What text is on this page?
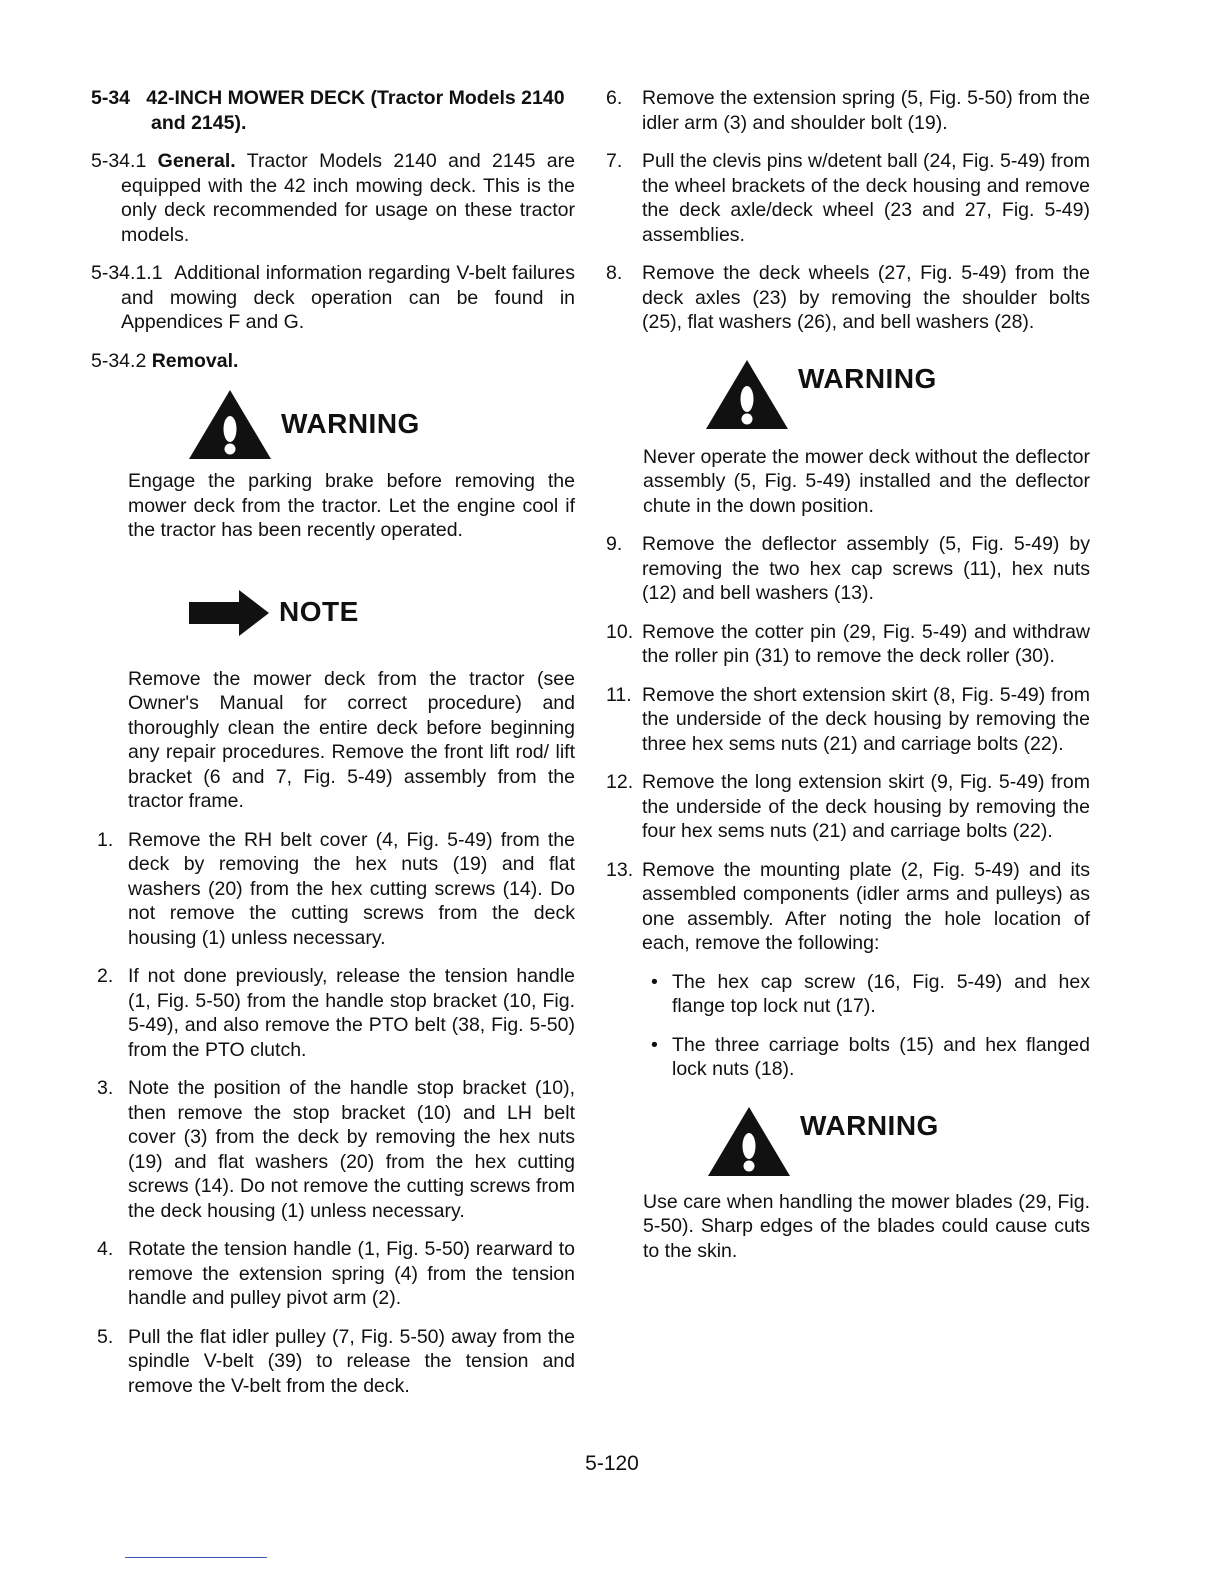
5-34 42-INCH MOWER DECK (Tractor Models 2140 and 2145).

5-34.1 General. Tractor Models 2140 and 2145 are equipped with the 42 inch mowing deck. This is the only deck recommended for usage on these tractor models.

5-34.1.1 Additional information regarding V-belt failures and mowing deck operation can be found in Appendices F and G.

5-34.2 Removal.

WARNING

Engage the parking brake before removing the mower deck from the tractor. Let the engine cool if the tractor has been recently operated.

NOTE

Remove the mower deck from the tractor (see Owner's Manual for correct procedure) and thoroughly clean the entire deck before beginning any repair procedures. Remove the front lift rod/ lift bracket (6 and 7, Fig. 5-49) assembly from the tractor frame.

1. Remove the RH belt cover (4, Fig. 5-49) from the deck by removing the hex nuts (19) and flat washers (20) from the hex cutting screws (14). Do not remove the cutting screws from the deck housing (1) unless necessary.
2. If not done previously, release the tension handle (1, Fig. 5-50) from the handle stop bracket (10, Fig. 5-49), and also remove the PTO belt (38, Fig. 5-50) from the PTO clutch.
3. Note the position of the handle stop bracket (10), then remove the stop bracket (10) and LH belt cover (3) from the deck by removing the hex nuts (19) and flat washers (20) from the hex cutting screws (14). Do not remove the cutting screws from the deck housing (1) unless necessary.
4. Rotate the tension handle (1, Fig. 5-50) rearward to remove the extension spring (4) from the tension handle and pulley pivot arm (2).
5. Pull the flat idler pulley (7, Fig. 5-50) away from the spindle V-belt (39) to release the tension and remove the V-belt from the deck.
6. Remove the extension spring (5, Fig. 5-50) from the idler arm (3) and shoulder bolt (19).
7. Pull the clevis pins w/detent ball (24, Fig. 5-49) from the wheel brackets of the deck housing and remove the deck axle/deck wheel (23 and 27, Fig. 5-49) assemblies.
8. Remove the deck wheels (27, Fig. 5-49) from the deck axles (23) by removing the shoulder bolts (25), flat washers (26), and bell washers (28).
WARNING

Never operate the mower deck without the deflector assembly (5, Fig. 5-49) installed and the deflector chute in the down position.

9. Remove the deflector assembly (5, Fig. 5-49) by removing the two hex cap screws (11), hex nuts (12) and bell washers (13).
10. Remove the cotter pin (29, Fig. 5-49) and withdraw the roller pin (31) to remove the deck roller (30).
11. Remove the short extension skirt (8, Fig. 5-49) from the underside of the deck housing by removing the three hex sems nuts (21) and carriage bolts (22).
12. Remove the long extension skirt (9, Fig. 5-49) from the underside of the deck housing by removing the four hex sems nuts (21) and carriage bolts (22).
13. Remove the mounting plate (2, Fig. 5-49) and its assembled components (idler arms and pulleys) as one assembly. After noting the hole location of each, remove the following:
• The hex cap screw (16, Fig. 5-49) and hex flange top lock nut (17).
• The three carriage bolts (15) and hex flanged lock nuts (18).
WARNING

Use care when handling the mower blades (29, Fig. 5-50). Sharp edges of the blades could cause cuts to the skin.

5-120
